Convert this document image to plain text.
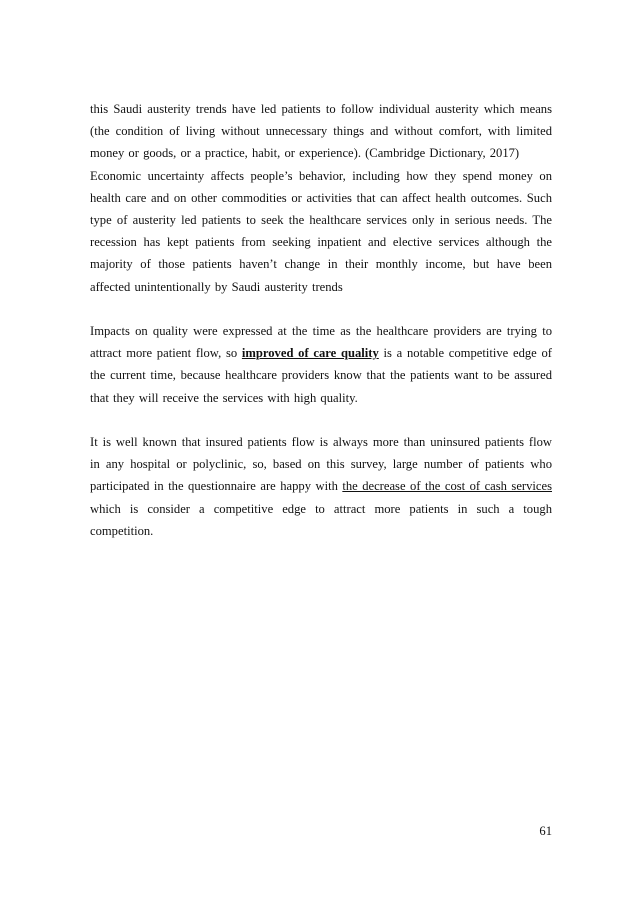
this Saudi austerity trends have led patients to follow individual austerity which means (the condition of living without unnecessary things and without comfort, with limited money or goods, or a practice, habit, or experience). (Cambridge Dictionary, 2017)

Economic uncertainty affects people’s behavior, including how they spend money on health care and on other commodities or activities that can affect health outcomes. Such type of austerity led patients to seek the healthcare services only in serious needs. The recession has kept patients from seeking inpatient and elective services although the majority of those patients haven’t change in their monthly income, but have been affected unintentionally by Saudi austerity trends

Impacts on quality were expressed at the time as the healthcare providers are trying to attract more patient flow, so improved of care quality is a notable competitive edge of the current time, because healthcare providers know that the patients want to be assured that they will receive the services with high quality.

It is well known that insured patients flow is always more than uninsured patients flow in any hospital or polyclinic, so, based on this survey, large number of patients who participated in the questionnaire are happy with the decrease of the cost of cash services which is consider a competitive edge to attract more patients in such a tough competition.

61
